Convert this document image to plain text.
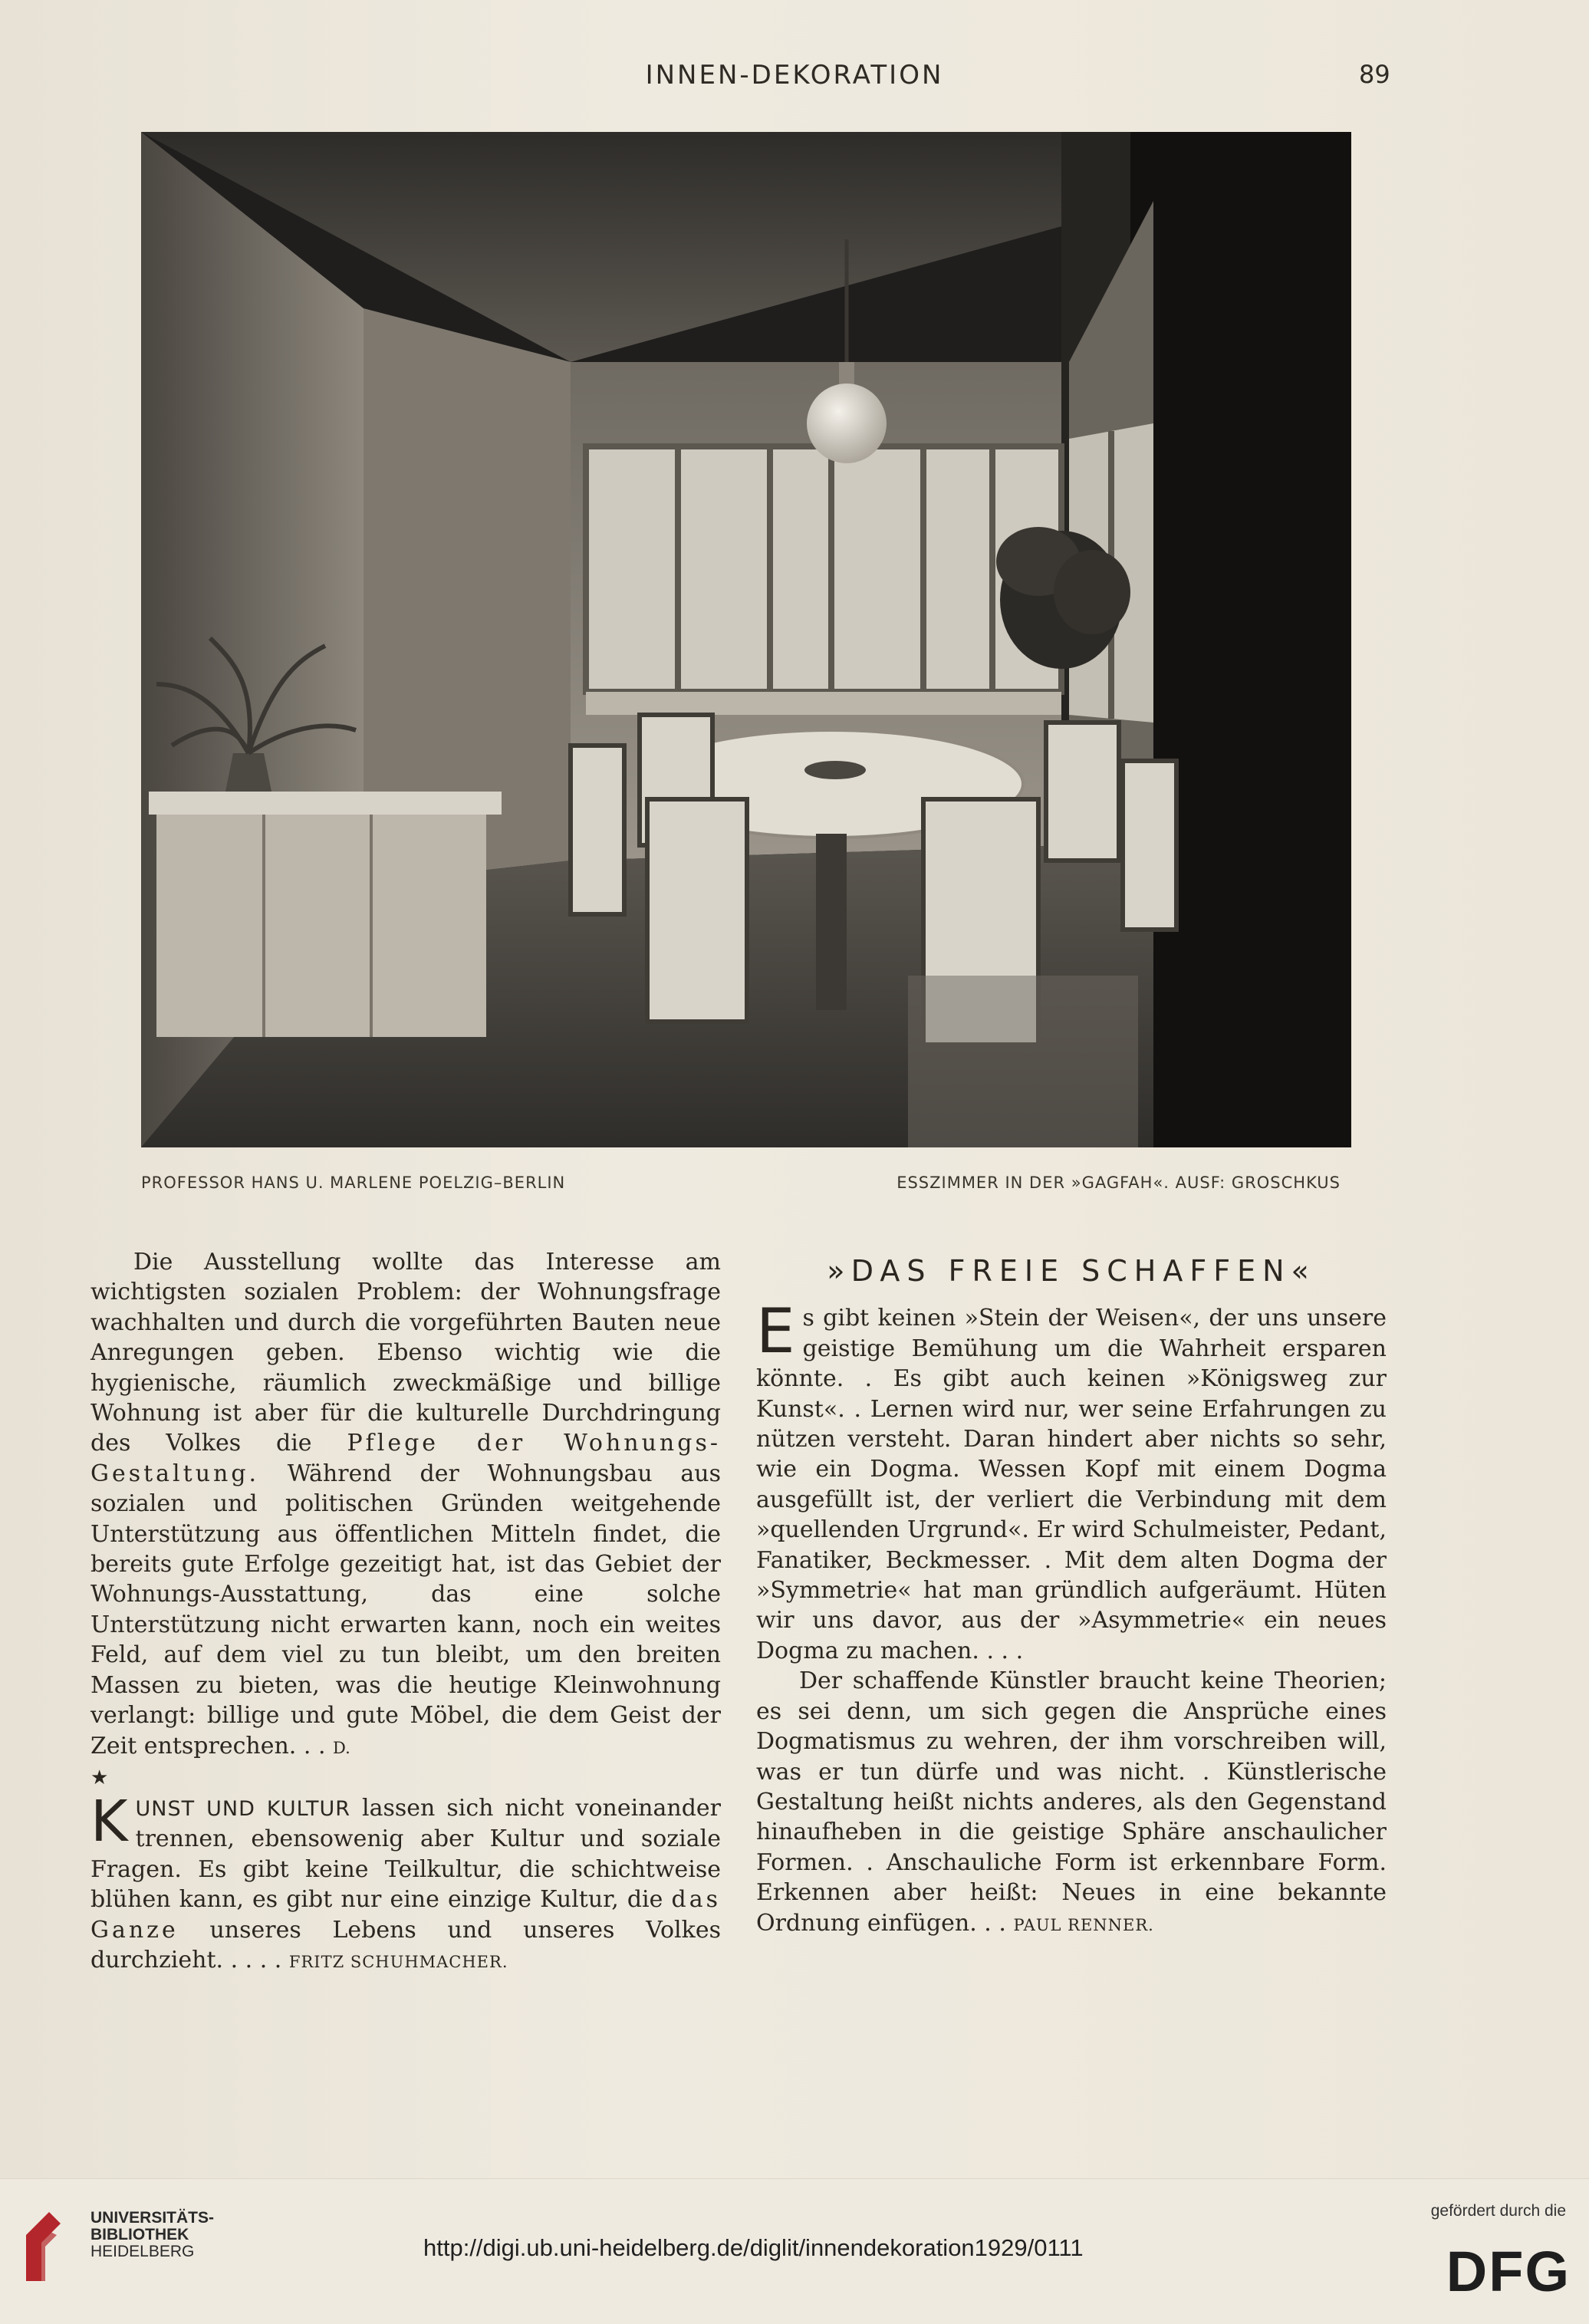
INNEN-DEKORATION	89
PROFESSOR HANS U. MARLENE POELZIG–BERLIN	ESSZIMMER IN DER »GAGFAH«. AUSF: GROSCHKUS

Die Ausstellung wollte das Interesse am wichtigsten sozialen Problem: der Wohnungsfrage wachhalten und durch die vorgeführten Bauten neue Anregungen geben. Ebenso wichtig wie die hygienische, räumlich zweckmäßige und billige Wohnung ist aber für die kulturelle Durchdringung des Volkes die Pflege der Wohnungs-Gestaltung. Während der Wohnungsbau aus sozialen und politischen Gründen weitgehende Unterstützung aus öffentlichen Mitteln findet, die bereits gute Erfolge gezeitigt hat, ist das Gebiet der Wohnungs-Ausstattung, das eine solche Unterstützung nicht erwarten kann, noch ein weites Feld, auf dem viel zu tun bleibt, um den breiten Massen zu bieten, was die heutige Kleinwohnung verlangt: billige und gute Möbel, die dem Geist der Zeit entsprechen. . . D.

★

K UNST UND KULTUR lassen sich nicht voneinander trennen, ebensowenig aber Kultur und soziale Fragen. Es gibt keine Teilkultur, die schichtweise blühen kann, es gibt nur eine einzige Kultur, die das Ganze unseres Lebens und unseres Volkes durchzieht. . . . . FRITZ SCHUHMACHER.

»DAS FREIE SCHAFFEN«

E s gibt keinen »Stein der Weisen«, der uns unsere geistige Bemühung um die Wahrheit ersparen könnte. . Es gibt auch keinen »Königsweg zur Kunst«. . Lernen wird nur, wer seine Erfahrungen zu nützen versteht. Daran hindert aber nichts so sehr, wie ein Dogma. Wessen Kopf mit einem Dogma ausgefüllt ist, der verliert die Verbindung mit dem »quellenden Urgrund«. Er wird Schulmeister, Pedant, Fanatiker, Beckmesser. . Mit dem alten Dogma der »Symmetrie« hat man gründlich aufgeräumt. Hüten wir uns davor, aus der »Asymmetrie« ein neues Dogma zu machen. . . .

Der schaffende Künstler braucht keine Theorien; es sei denn, um sich gegen die Ansprüche eines Dogmatismus zu wehren, der ihm vorschreiben will, was er tun dürfe und was nicht. . Künstlerische Gestaltung heißt nichts anderes, als den Gegenstand hinaufheben in die geistige Sphäre anschaulicher Formen. . Anschauliche Form ist erkennbare Form. Erkennen aber heißt: Neues in eine bekannte Ordnung einfügen. . . PAUL RENNER.

UNIVERSITÄTS-
BIBLIOTHEK
HEIDELBERG	http://digi.ub.uni-heidelberg.de/diglit/innendekoration1929/0111
gefördert durch die
DFG
